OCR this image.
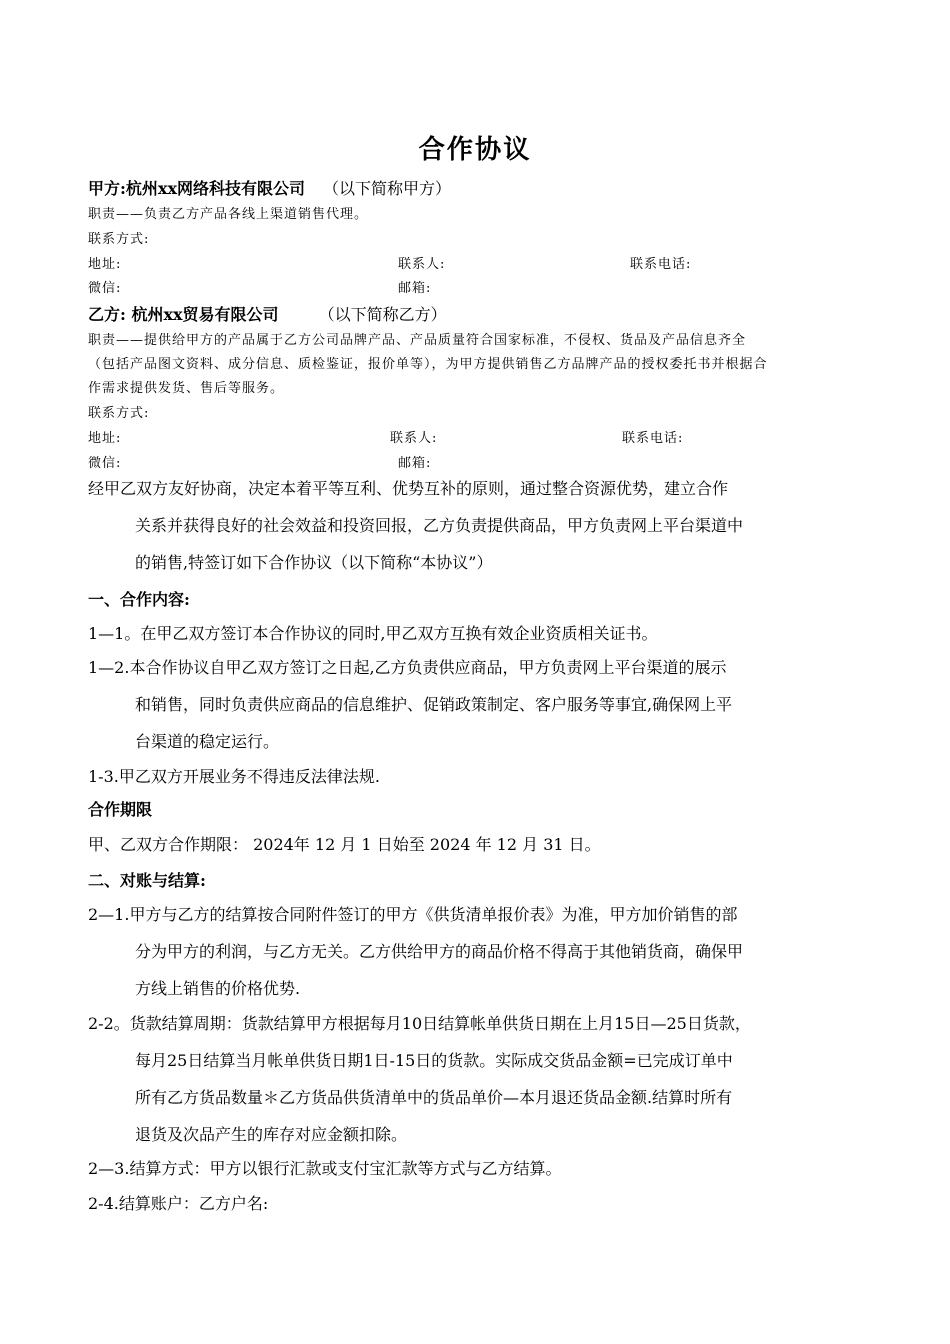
合作协议
甲方:杭州xx网络科技有限公司 （以下简称甲方）
职责——负责乙方产品各线上渠道销售代理。
联系方式:
地址:	联系人:	联系电话:
微信:	邮箱:
乙方: 杭州xx贸易有限公司	（以下简称乙方）
职责——提供给甲方的产品属于乙方公司品牌产品、产品质量符合国家标准，不侵权、货品及产品信息齐全
（包括产品图文资料、成分信息、质检鉴证，报价单等），为甲方提供销售乙方品牌产品的授权委托书并根据合
作需求提供发货、售后等服务。
联系方式:
地址:	联系人:	联系电话:
微信:	邮箱:
经甲乙双方友好协商，决定本着平等互利、优势互补的原则，通过整合资源优势，建立合作
关系并获得良好的社会效益和投资回报，乙方负责提供商品，甲方负责网上平台渠道中
的销售,特签订如下合作协议（以下简称“本协议”）
一、合作内容:
1—1。在甲乙双方签订本合作协议的同时,甲乙双方互换有效企业资质相关证书。
1—2.本合作协议自甲乙双方签订之日起,乙方负责供应商品，甲方负责网上平台渠道的展示
和销售，同时负责供应商品的信息维护、促销政策制定、客户服务等事宜,确保网上平
台渠道的稳定运行。
1-3.甲乙双方开展业务不得违反法律法规.
合作期限
甲、乙双方合作期限： 2024年 12 月 1 日始至 2024 年 12 月 31 日。
二、对账与结算:
2—1.甲方与乙方的结算按合同附件签订的甲方《供货清单报价表》为准，甲方加价销售的部
分为甲方的利润，与乙方无关。乙方供给甲方的商品价格不得高于其他销货商，确保甲
方线上销售的价格优势.
2-2。货款结算周期：货款结算甲方根据每月10日结算帐单供货日期在上月15日—25日货款，
每月25日结算当月帐单供货日期1日-15日的货款。实际成交货品金额=已完成订单中
所有乙方货品数量＊乙方货品供货清单中的货品单价—本月退还货品金额.结算时所有
退货及次品产生的库存对应金额扣除。
2—3.结算方式：甲方以银行汇款或支付宝汇款等方式与乙方结算。
2-4.结算账户：乙方户名:
